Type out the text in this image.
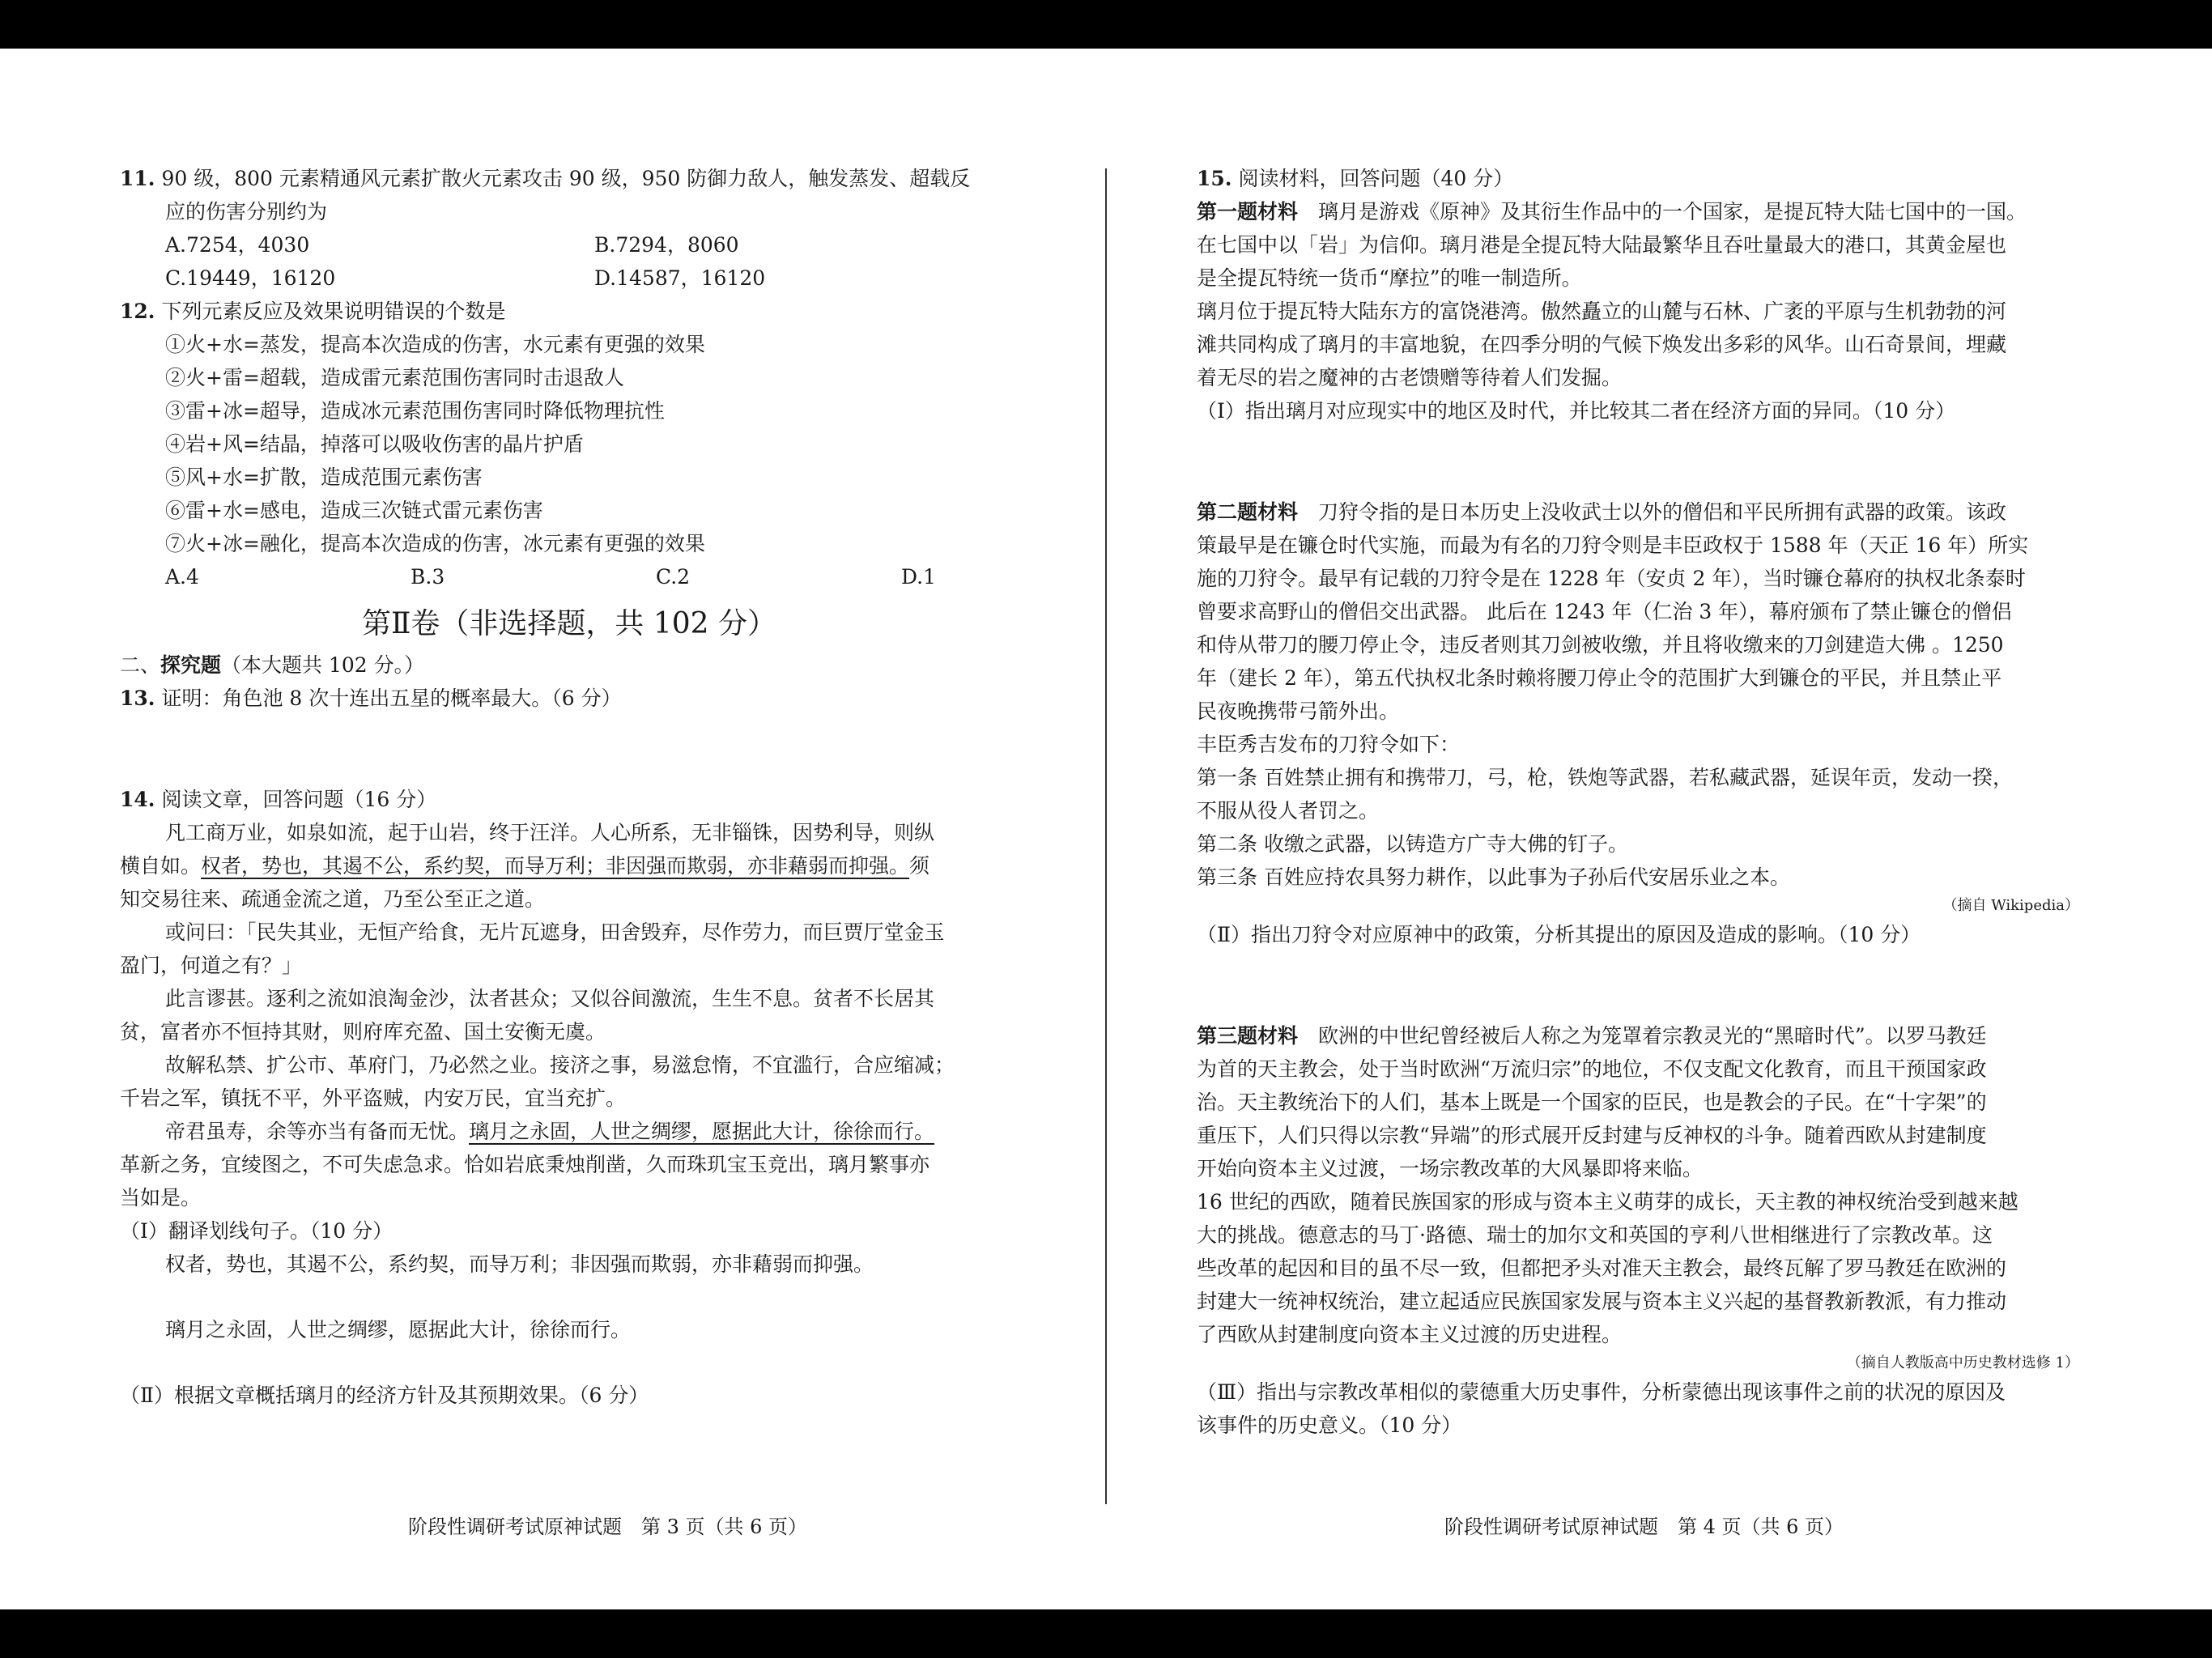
11. 90 级，800 元素精通风元素扩散火元素攻击 90 级，950 防御力敌人，触发蒸发、超载反
应的伤害分别约为
A.7254，4030	B.7294，8060
C.19449，16120	D.14587，16120
12. 下列元素反应及效果说明错误的个数是
①火+水=蒸发，提高本次造成的伤害，水元素有更强的效果
②火+雷=超载，造成雷元素范围伤害同时击退敌人
③雷+冰=超导，造成冰元素范围伤害同时降低物理抗性
④岩+风=结晶，掉落可以吸收伤害的晶片护盾
⑤风+水=扩散，造成范围元素伤害
⑥雷+水=感电，造成三次链式雷元素伤害
⑦火+冰=融化，提高本次造成的伤害，冰元素有更强的效果
A.4	B.3	C.2	D.1
第Ⅱ卷（非选择题，共 102 分）
二、探究题（本大题共 102 分。）
13. 证明：角色池 8 次十连出五星的概率最大。（6 分）
14. 阅读文章，回答问题（16 分）
凡工商万业，如泉如流，起于山岩，终于汪洋。人心所系，无非锱铢，因势利导，则纵
横自如。权者，势也，其遏不公，系约契，而导万利；非因强而欺弱，亦非藉弱而抑强。须
知交易往来、疏通金流之道，乃至公至正之道。
或问曰：「民失其业，无恒产给食，无片瓦遮身，田舍毁弃，尽作劳力，而巨贾厅堂金玉
盈门，何道之有？」
此言谬甚。逐利之流如浪淘金沙，汰者甚众；又似谷间激流，生生不息。贫者不长居其
贫，富者亦不恒持其财，则府库充盈、国土安衡无虞。
故解私禁、扩公市、革府门，乃必然之业。接济之事，易滋怠惰，不宜滥行，合应缩减；
千岩之军，镇抚不平，外平盗贼，内安万民，宜当充扩。
帝君虽寿，余等亦当有备而无忧。璃月之永固，人世之绸缪，愿据此大计，徐徐而行。
革新之务，宜绫图之，不可失虑急求。恰如岩底秉烛削凿，久而珠玑宝玉竞出，璃月繁事亦
当如是。
（Ⅰ）翻译划线句子。（10 分）
权者，势也，其遏不公，系约契，而导万利；非因强而欺弱，亦非藉弱而抑强。
璃月之永固，人世之绸缪，愿据此大计，徐徐而行。
（Ⅱ）根据文章概括璃月的经济方针及其预期效果。（6 分）
15. 阅读材料，回答问题（40 分）
第一题材料　 璃月是游戏《原神》及其衍生作品中的一个国家，是提瓦特大陆七国中的一国。
在七国中以「岩」为信仰。璃月港是全提瓦特大陆最繁华且吞吐量最大的港口，其黄金屋也
是全提瓦特统一货币“摩拉”的唯一制造所。
璃月位于提瓦特大陆东方的富饶港湾。傲然矗立的山麓与石林、广袤的平原与生机勃勃的河
滩共同构成了璃月的丰富地貌，在四季分明的气候下焕发出多彩的风华。山石奇景间，埋藏
着无尽的岩之魔神的古老馈赠等待着人们发掘。
（Ⅰ）指出璃月对应现实中的地区及时代，并比较其二者在经济方面的异同。（10 分）
第二题材料　 刀狩令指的是日本历史上没收武士以外的僧侣和平民所拥有武器的政策。该政
策最早是在镰仓时代实施，而最为有名的刀狩令则是丰臣政权于 1588 年（天正 16 年）所实
施的刀狩令。最早有记载的刀狩令是在 1228 年（安贞 2 年），当时镰仓幕府的执权北条泰时
曾要求高野山的僧侣交出武器。 此后在 1243 年（仁治 3 年），幕府颁布了禁止镰仓的僧侣
和侍从带刀的腰刀停止令，违反者则其刀剑被收缴，并且将收缴来的刀剑建造大佛 。1250
年（建长 2 年），第五代执权北条时赖将腰刀停止令的范围扩大到镰仓的平民，并且禁止平
民夜晚携带弓箭外出。
丰臣秀吉发布的刀狩令如下：
第一条 百姓禁止拥有和携带刀，弓，枪，铁炮等武器，若私藏武器，延误年贡，发动一揆，
不服从役人者罚之。
第二条 收缴之武器，以铸造方广寺大佛的钉子。
第三条 百姓应持农具努力耕作，以此事为子孙后代安居乐业之本。
（摘自 Wikipedia）
（Ⅱ）指出刀狩令对应原神中的政策，分析其提出的原因及造成的影响。（10 分）
第三题材料　 欧洲的中世纪曾经被后人称之为笼罩着宗教灵光的“黑暗时代”。以罗马教廷
为首的天主教会，处于当时欧洲“万流归宗”的地位，不仅支配文化教育，而且干预国家政
治。天主教统治下的人们，基本上既是一个国家的臣民，也是教会的子民。在“十字架”的
重压下，人们只得以宗教“异端”的形式展开反封建与反神权的斗争。随着西欧从封建制度
开始向资本主义过渡，一场宗教改革的大风暴即将来临。
16 世纪的西欧，随着民族国家的形成与资本主义萌芽的成长，天主教的神权统治受到越来越
大的挑战。德意志的马丁·路德、瑞士的加尔文和英国的亨利八世相继进行了宗教改革。这
些改革的起因和目的虽不尽一致，但都把矛头对准天主教会，最终瓦解了罗马教廷在欧洲的
封建大一统神权统治，建立起适应民族国家发展与资本主义兴起的基督教新教派，有力推动
了西欧从封建制度向资本主义过渡的历史进程。
（摘自人教版高中历史教材选修 1）
（Ⅲ）指出与宗教改革相似的蒙德重大历史事件，分析蒙德出现该事件之前的状况的原因及
该事件的历史意义。（10 分）
阶段性调研考试原神试题　第 3 页（共 6 页）	阶段性调研考试原神试题　第 4 页（共 6 页）
